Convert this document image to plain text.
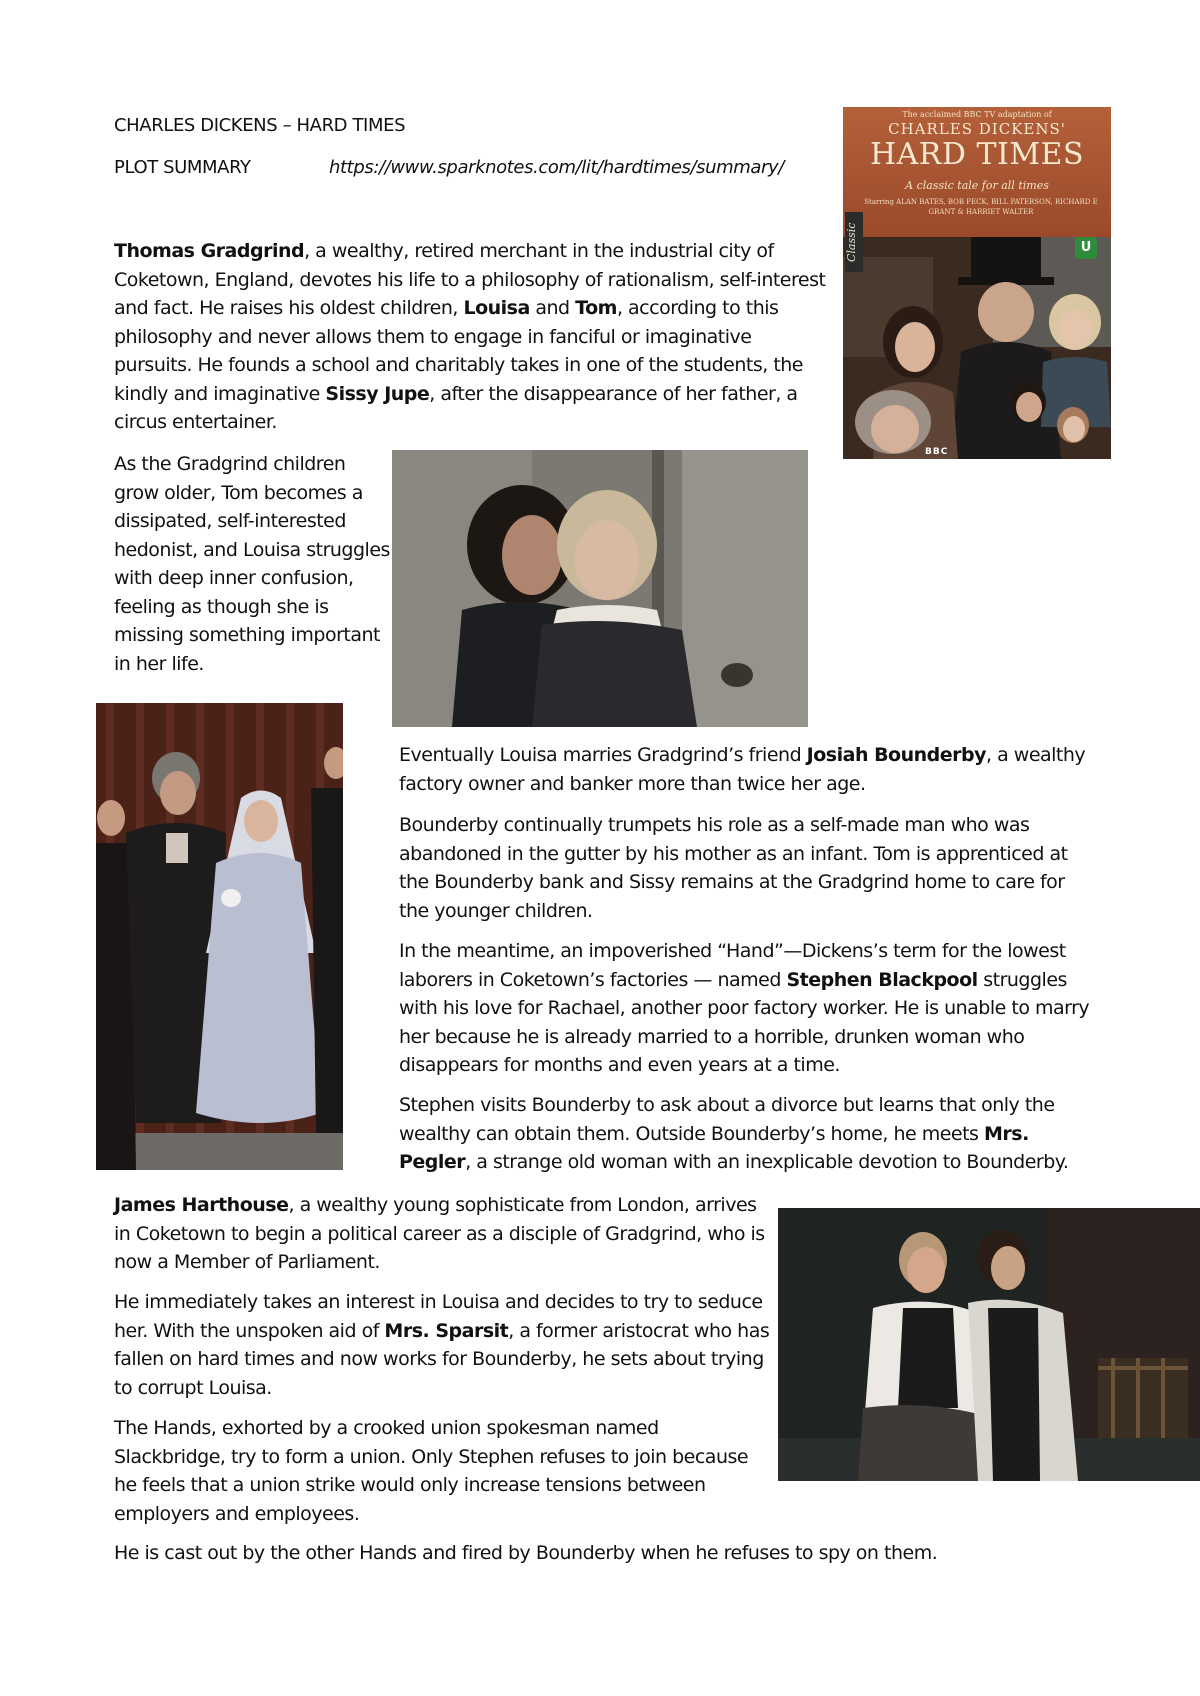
CHARLES DICKENS – HARD TIMES
PLOT SUMMARY	https://www.sparknotes.com/lit/hardtimes/summary/
The acclaimed BBC TV adaptation of
CHARLES DICKENS'
HARD TIMES
A classic tale for all times
Starring ALAN BATES, BOB PECK, BILL PATERSON, RICHARD E GRANT & HARRIET WALTER
Classic	U
BBC

Thomas Gradgrind, a wealthy, retired merchant in the industrial city of Coketown, England, devotes his life to a philosophy of rationalism, self-interest and fact. He raises his oldest children, Louisa and Tom, according to this philosophy and never allows them to engage in fanciful or imaginative pursuits. He founds a school and charitably takes in one of the students, the kindly and imaginative Sissy Jupe, after the disappearance of her father, a circus entertainer.

As the Gradgrind children grow older, Tom becomes a dissipated, self-interested hedonist, and Louisa struggles with deep inner confusion, feeling as though she is missing something important in her life.

Eventually Louisa marries Gradgrind’s friend Josiah Bounderby, a wealthy factory owner and banker more than twice her age.

Bounderby continually trumpets his role as a self-made man who was abandoned in the gutter by his mother as an infant. Tom is apprenticed at the Bounderby bank and Sissy remains at the Gradgrind home to care for the younger children.

In the meantime, an impoverished “Hand”—Dickens’s term for the lowest laborers in Coketown’s factories — named Stephen Blackpool struggles with his love for Rachael, another poor factory worker. He is unable to marry her because he is already married to a horrible, drunken woman who disappears for months and even years at a time.

Stephen visits Bounderby to ask about a divorce but learns that only the wealthy can obtain them. Outside Bounderby’s home, he meets Mrs. Pegler, a strange old woman with an inexplicable devotion to Bounderby.

James Harthouse, a wealthy young sophisticate from London, arrives in Coketown to begin a political career as a disciple of Gradgrind, who is now a Member of Parliament.

He immediately takes an interest in Louisa and decides to try to seduce her. With the unspoken aid of Mrs. Sparsit, a former aristocrat who has fallen on hard times and now works for Bounderby, he sets about trying to corrupt Louisa.

The Hands, exhorted by a crooked union spokesman named Slackbridge, try to form a union. Only Stephen refuses to join because he feels that a union strike would only increase tensions between employers and employees.

He is cast out by the other Hands and fired by Bounderby when he refuses to spy on them.
